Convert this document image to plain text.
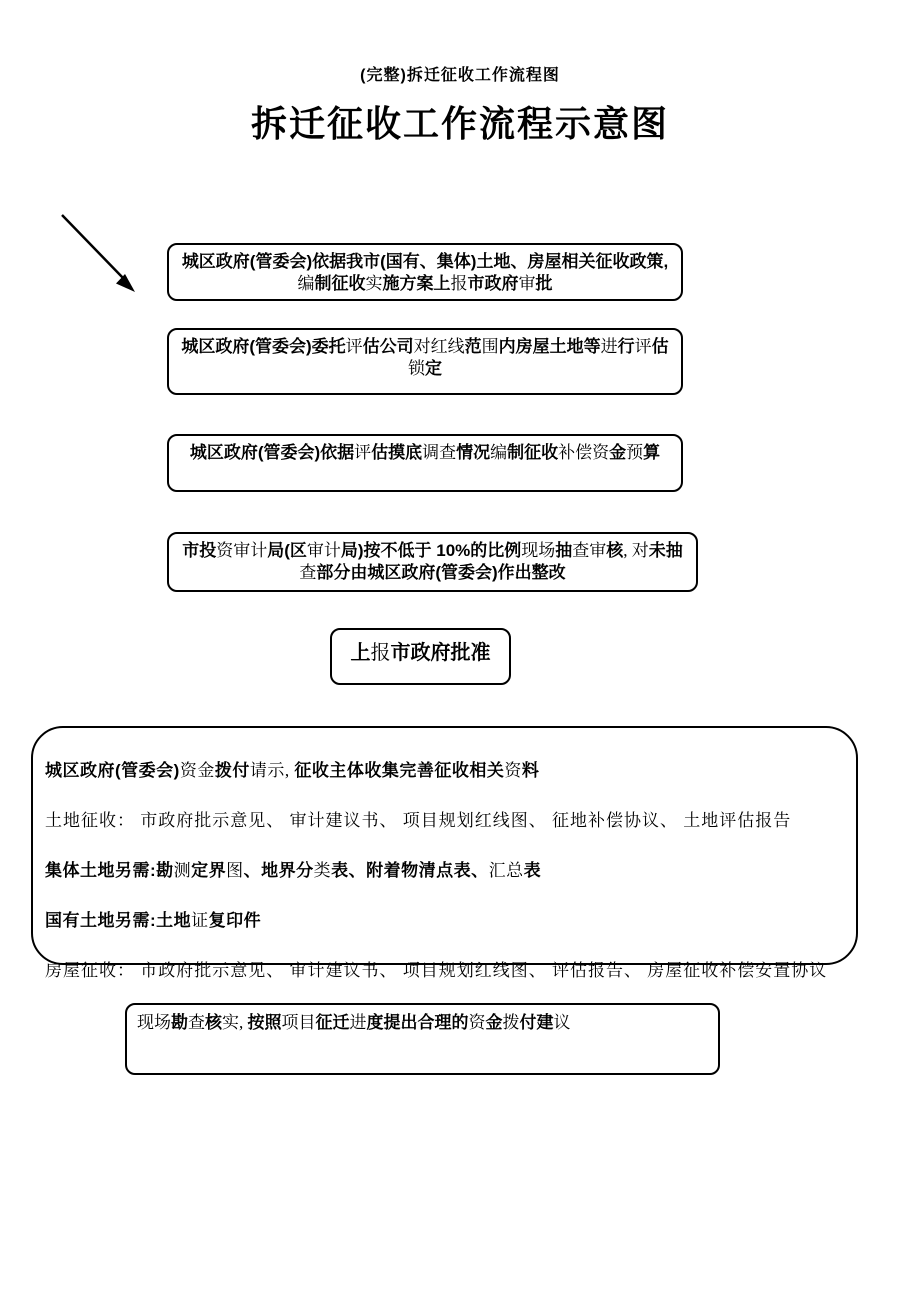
(完整)拆迁征收工作流程图
拆迁征收工作流程示意图
城区政府(管委会)依据我市(国有、集体)土地、房屋相关征收政策, 编制征收实施方案上报市政府审批
城区政府(管委会)委托评估公司对红线范围内房屋土地等进行评估锁定
城区政府(管委会)依据评估摸底调查情况编制征收补偿资金预算
市投资审计局(区审计局)按不低于 10%的比例现场抽查审核, 对未抽查部分由城区政府(管委会)作出整改
上报市政府批准
城区政府(管委会)资金拨付请示, 征收主体收集完善征收相关资料
土地征收： 市政府批示意见、 审计建议书、 项目规划红线图、 征地补偿协议、 土地评估报告
集体土地另需:勘测定界图、地界分类表、附着物清点表、汇总表
国有土地另需:土地证复印件
房屋征收： 市政府批示意见、 审计建议书、 项目规划红线图、 评估报告、 房屋征收补偿安置协议
现场勘查核实, 按照项目征迁进度提出合理的资金拨付建议
